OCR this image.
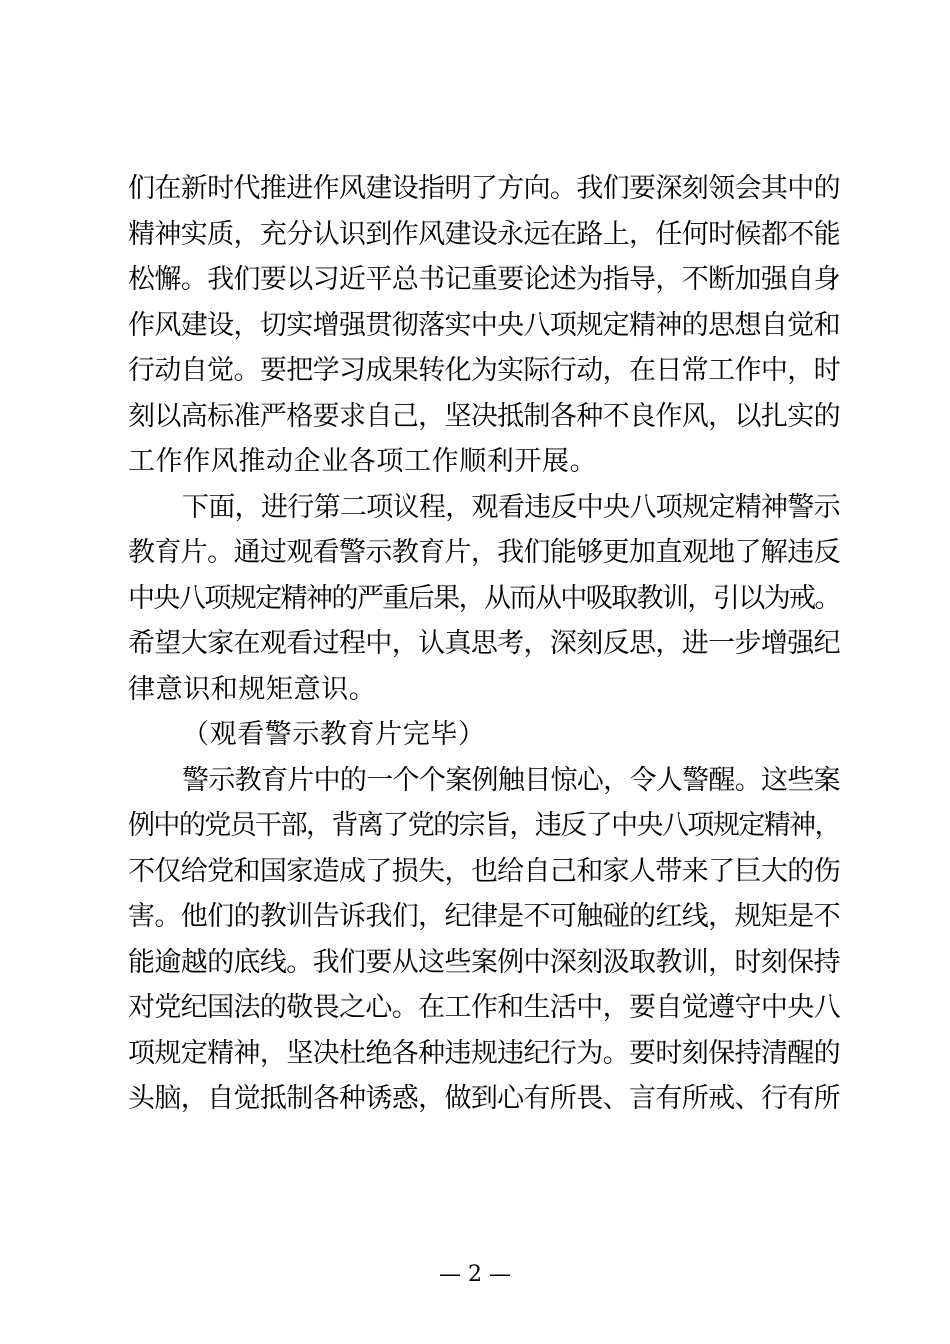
们在新时代推进作风建设指明了方向。我们要深刻领会其中的
精神实质，充分认识到作风建设永远在路上，任何时候都不能
松懈。我们要以习近平总书记重要论述为指导，不断加强自身
作风建设，切实增强贯彻落实中央八项规定精神的思想自觉和
行动自觉。要把学习成果转化为实际行动，在日常工作中，时
刻以高标准严格要求自己，坚决抵制各种不良作风，以扎实的
工作作风推动企业各项工作顺利开展。
下面，进行第二项议程，观看违反中央八项规定精神警示
教育片。通过观看警示教育片，我们能够更加直观地了解违反
中央八项规定精神的严重后果，从而从中吸取教训，引以为戒。
希望大家在观看过程中，认真思考，深刻反思，进一步增强纪
律意识和规矩意识。
（观看警示教育片完毕）
警示教育片中的一个个案例触目惊心，令人警醒。这些案
例中的党员干部，背离了党的宗旨，违反了中央八项规定精神，
不仅给党和国家造成了损失，也给自己和家人带来了巨大的伤
害。他们的教训告诉我们，纪律是不可触碰的红线，规矩是不
能逾越的底线。我们要从这些案例中深刻汲取教训，时刻保持
对党纪国法的敬畏之心。在工作和生活中，要自觉遵守中央八
项规定精神，坚决杜绝各种违规违纪行为。要时刻保持清醒的
头脑，自觉抵制各种诱惑，做到心有所畏、言有所戒、行有所
— 2 —
